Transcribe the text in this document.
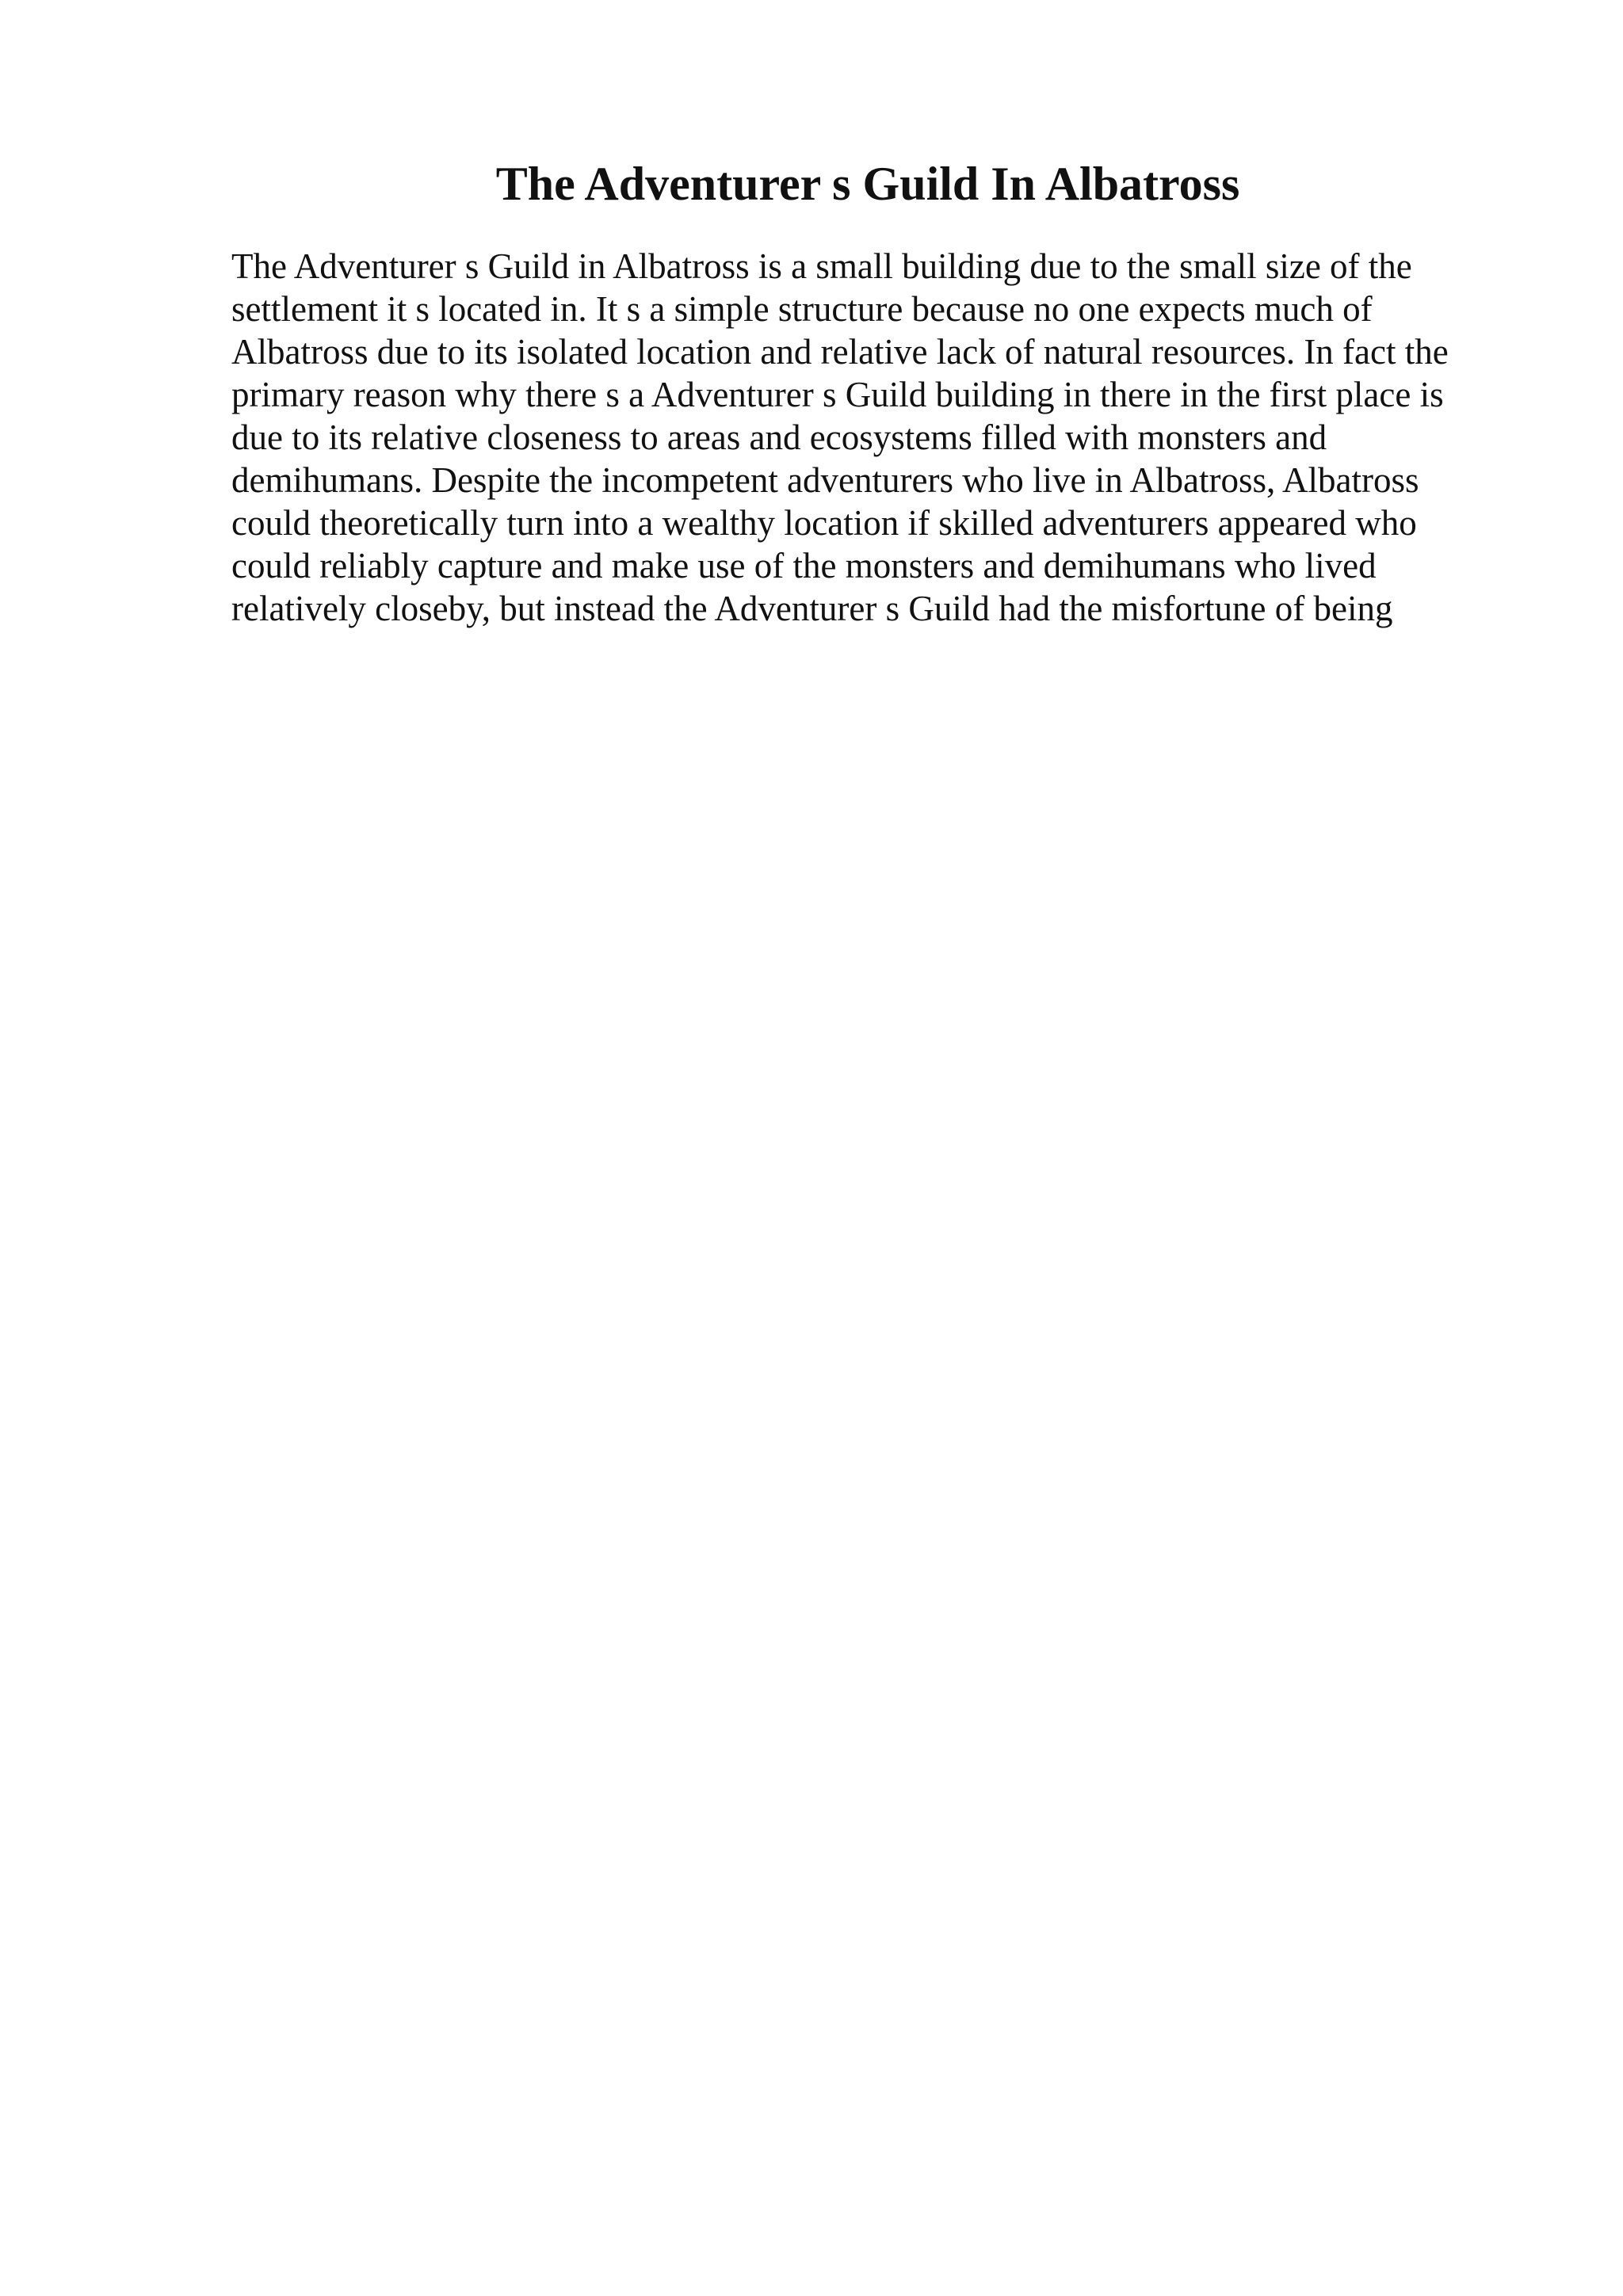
The Adventurer s Guild In Albatross
The Adventurer s Guild in Albatross is a small building due to the small size of the
settlement it s located in. It s a simple structure because no one expects much of
Albatross due to its isolated location and relative lack of natural resources. In fact the
primary reason why there s a Adventurer s Guild building in there in the first place is
due to its relative closeness to areas and ecosystems filled with monsters and
demihumans. Despite the incompetent adventurers who live in Albatross, Albatross
could theoretically turn into a wealthy location if skilled adventurers appeared who
could reliably capture and make use of the monsters and demihumans who lived
relatively closeby, but instead the Adventurer s Guild had the misfortune of being
